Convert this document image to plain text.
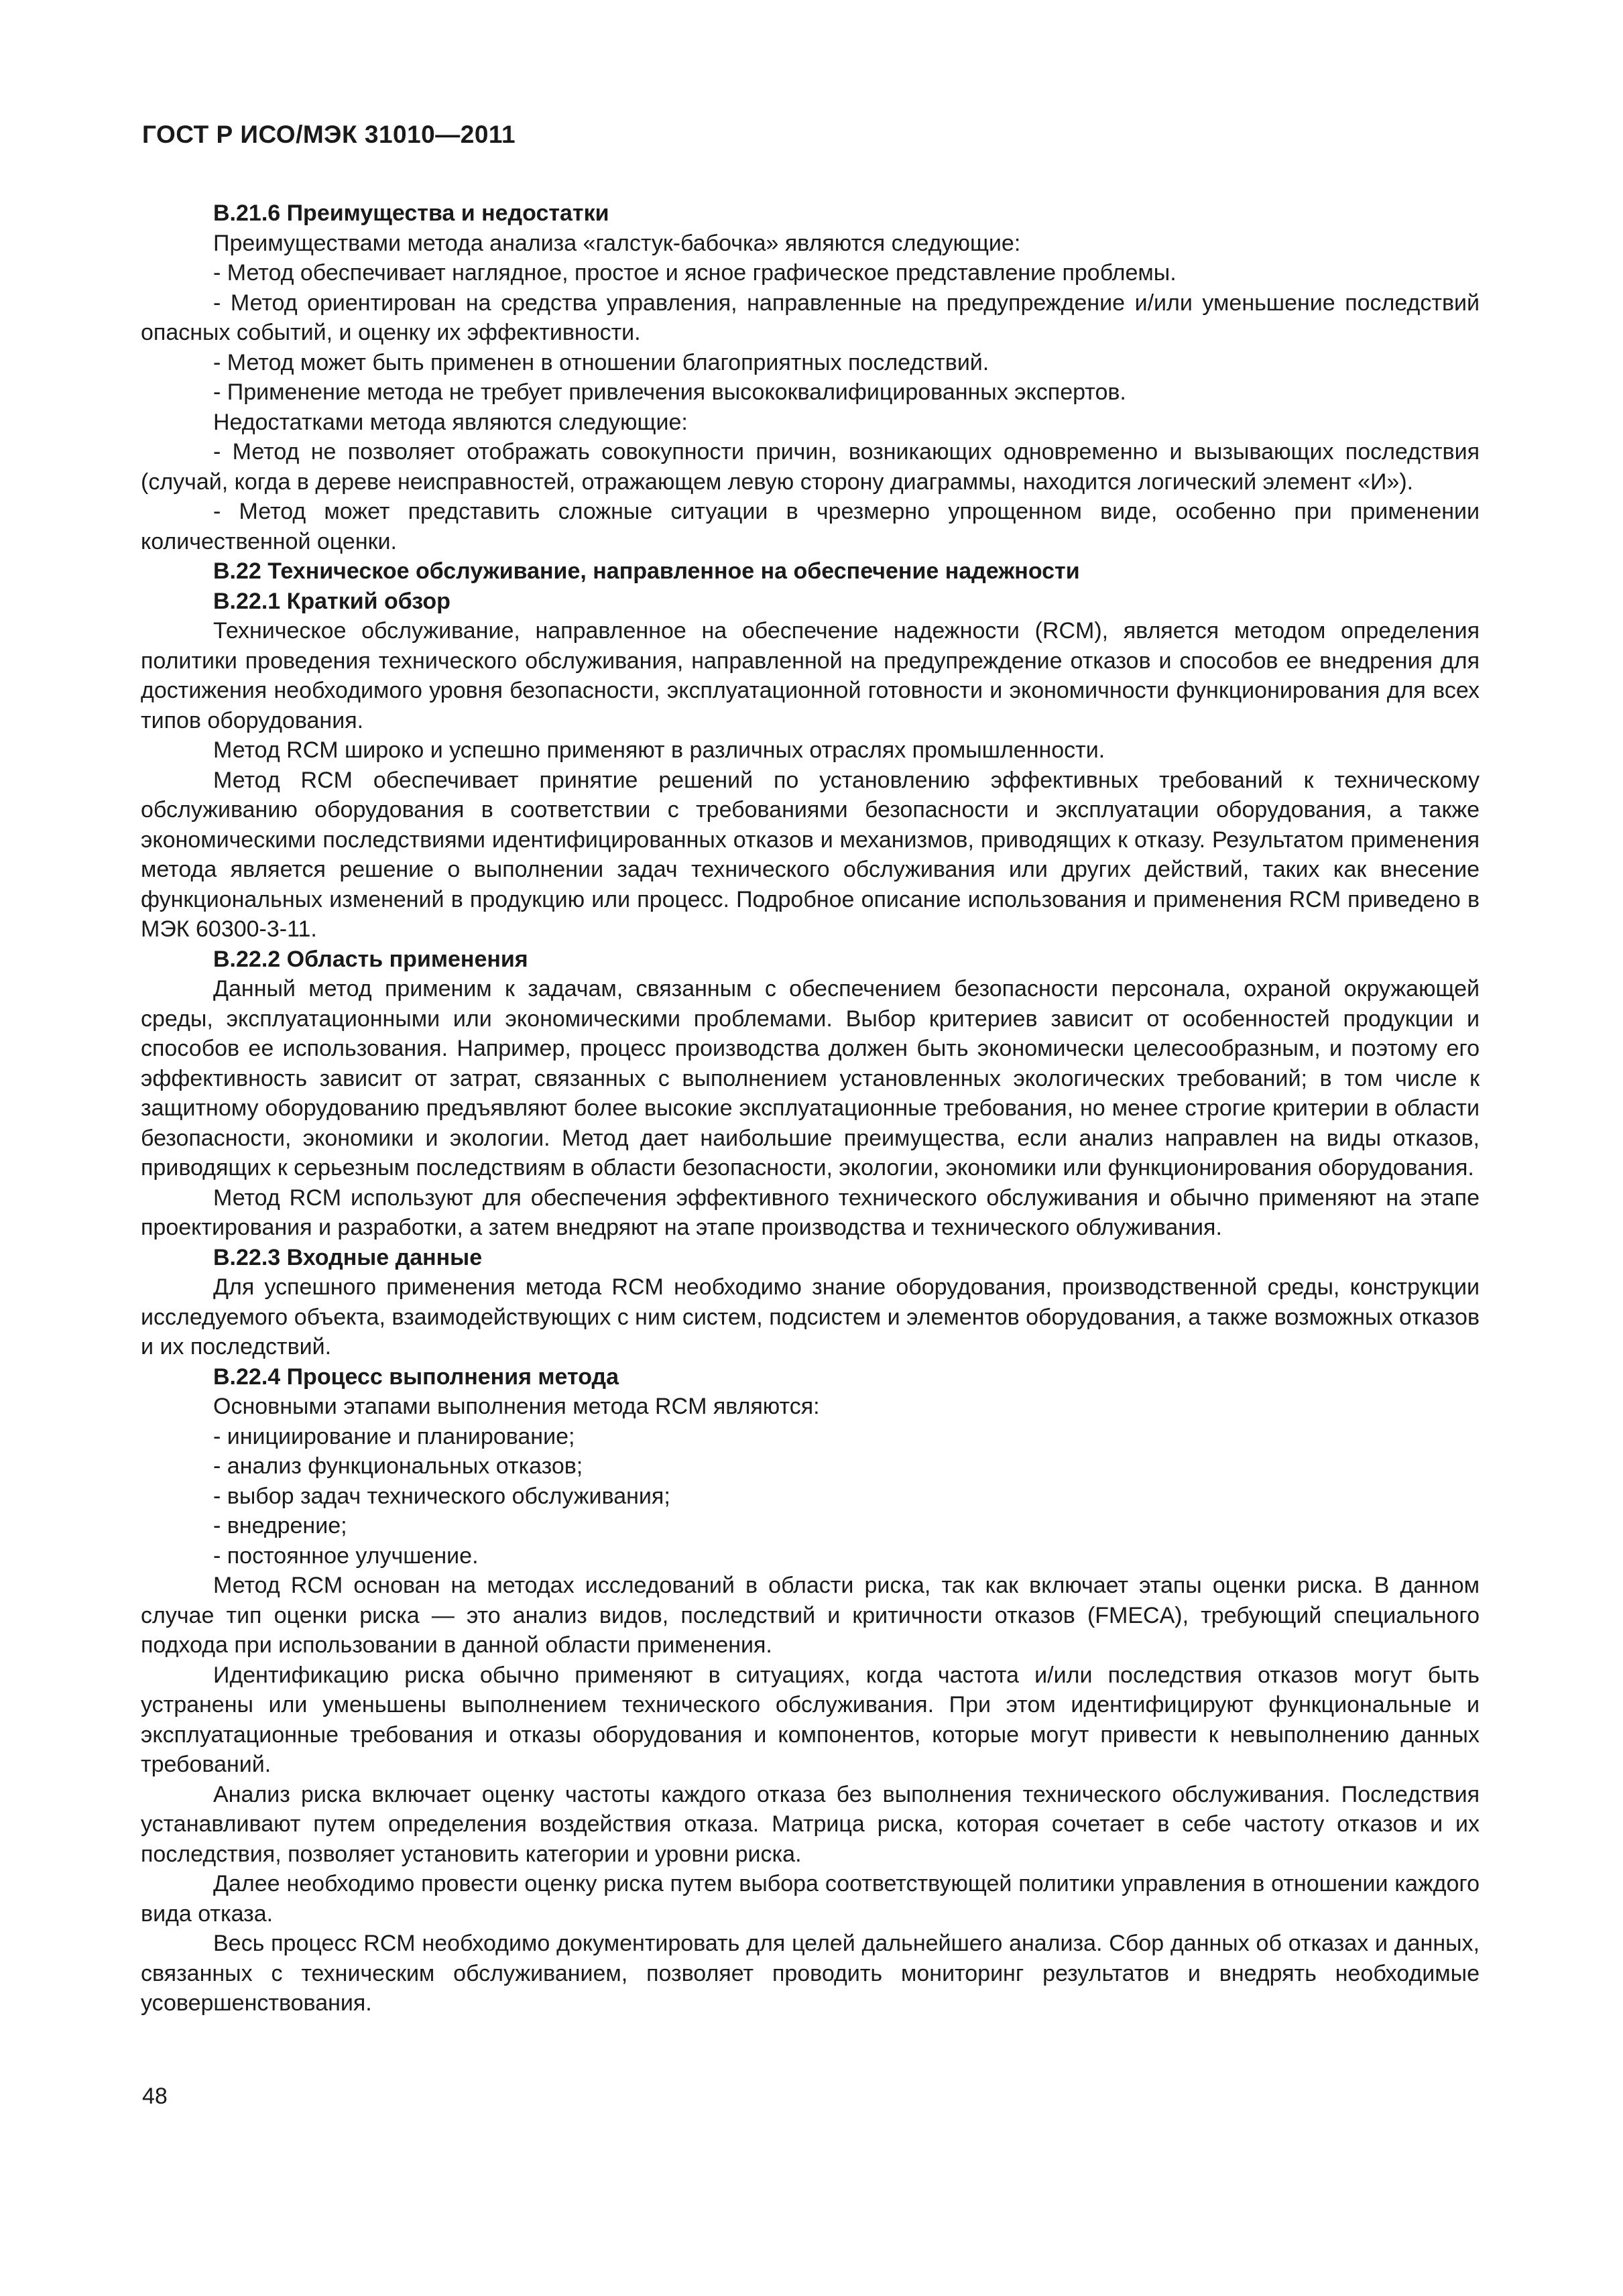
ГОСТ Р ИСО/МЭК 31010—2011
B.21.6 Преимущества и недостатки

Преимуществами метода анализа «галстук-бабочка» являются следующие:

- Метод обеспечивает наглядное, простое и ясное графическое представление проблемы.

- Метод ориентирован на средства управления, направленные на предупреждение и/или уменьшение последствий опасных событий, и оценку их эффективности.

- Метод может быть применен в отношении благоприятных последствий.

- Применение метода не требует привлечения высококвалифицированных экспертов.

Недостатками метода являются следующие:

- Метод не позволяет отображать совокупности причин, возникающих одновременно и вызывающих последствия (случай, когда в дереве неисправностей, отражающем левую сторону диаграммы, находится логический элемент «И»).

- Метод может представить сложные ситуации в чрезмерно упрощенном виде, особенно при применении количественной оценки.

B.22 Техническое обслуживание, направленное на обеспечение надежности
B.22.1 Краткий обзор

Техническое обслуживание, направленное на обеспечение надежности (RCM), является методом определения политики проведения технического обслуживания, направленной на предупреждение отказов и способов ее внедрения для достижения необходимого уровня безопасности, эксплуатационной готовности и экономичности функционирования для всех типов оборудования.

Метод RCM широко и успешно применяют в различных отраслях промышленности.

Метод RCM обеспечивает принятие решений по установлению эффективных требований к техническому обслуживанию оборудования в соответствии с требованиями безопасности и эксплуатации оборудования, а также экономическими последствиями идентифицированных отказов и механизмов, приводящих к отказу. Результатом применения метода является решение о выполнении задач технического обслуживания или других действий, таких как внесение функциональных изменений в продукцию или процесс. Подробное описание использования и применения RCM приведено в МЭК 60300-3-11.

B.22.2 Область применения

Данный метод применим к задачам, связанным с обеспечением безопасности персонала, охраной окружающей среды, эксплуатационными или экономическими проблемами. Выбор критериев зависит от особенностей продукции и способов ее использования. Например, процесс производства должен быть экономически целесообразным, и поэтому его эффективность зависит от затрат, связанных с выполнением установленных экологических требований; в том числе к защитному оборудованию предъявляют более высокие эксплуатационные требования, но менее строгие критерии в области безопасности, экономики и экологии. Метод дает наибольшие преимущества, если анализ направлен на виды отказов, приводящих к серьезным последствиям в области безопасности, экологии, экономики или функционирования оборудования.

Метод RCM используют для обеспечения эффективного технического обслуживания и обычно применяют на этапе проектирования и разработки, а затем внедряют на этапе производства и технического облуживания.

B.22.3 Входные данные

Для успешного применения метода RCM необходимо знание оборудования, производственной среды, конструкции исследуемого объекта, взаимодействующих с ним систем, подсистем и элементов оборудования, а также возможных отказов и их последствий.

B.22.4 Процесс выполнения метода

Основными этапами выполнения метода RCM являются:

- инициирование и планирование;

- анализ функциональных отказов;

- выбор задач технического обслуживания;

- внедрение;

- постоянное улучшение.

Метод RCM основан на методах исследований в области риска, так как включает этапы оценки риска. В данном случае тип оценки риска — это анализ видов, последствий и критичности отказов (FMECA), требующий специального подхода при использовании в данной области применения.

Идентификацию риска обычно применяют в ситуациях, когда частота и/или последствия отказов могут быть устранены или уменьшены выполнением технического обслуживания. При этом идентифицируют функциональные и эксплуатационные требования и отказы оборудования и компонентов, которые могут привести к невыполнению данных требований.

Анализ риска включает оценку частоты каждого отказа без выполнения технического обслуживания. Последствия устанавливают путем определения воздействия отказа. Матрица риска, которая сочетает в себе частоту отказов и их последствия, позволяет установить категории и уровни риска.

Далее необходимо провести оценку риска путем выбора соответствующей политики управления в отношении каждого вида отказа.

Весь процесс RCM необходимо документировать для целей дальнейшего анализа. Сбор данных об отказах и данных, связанных с техническим обслуживанием, позволяет проводить мониторинг результатов и внедрять необходимые усовершенствования.

48
